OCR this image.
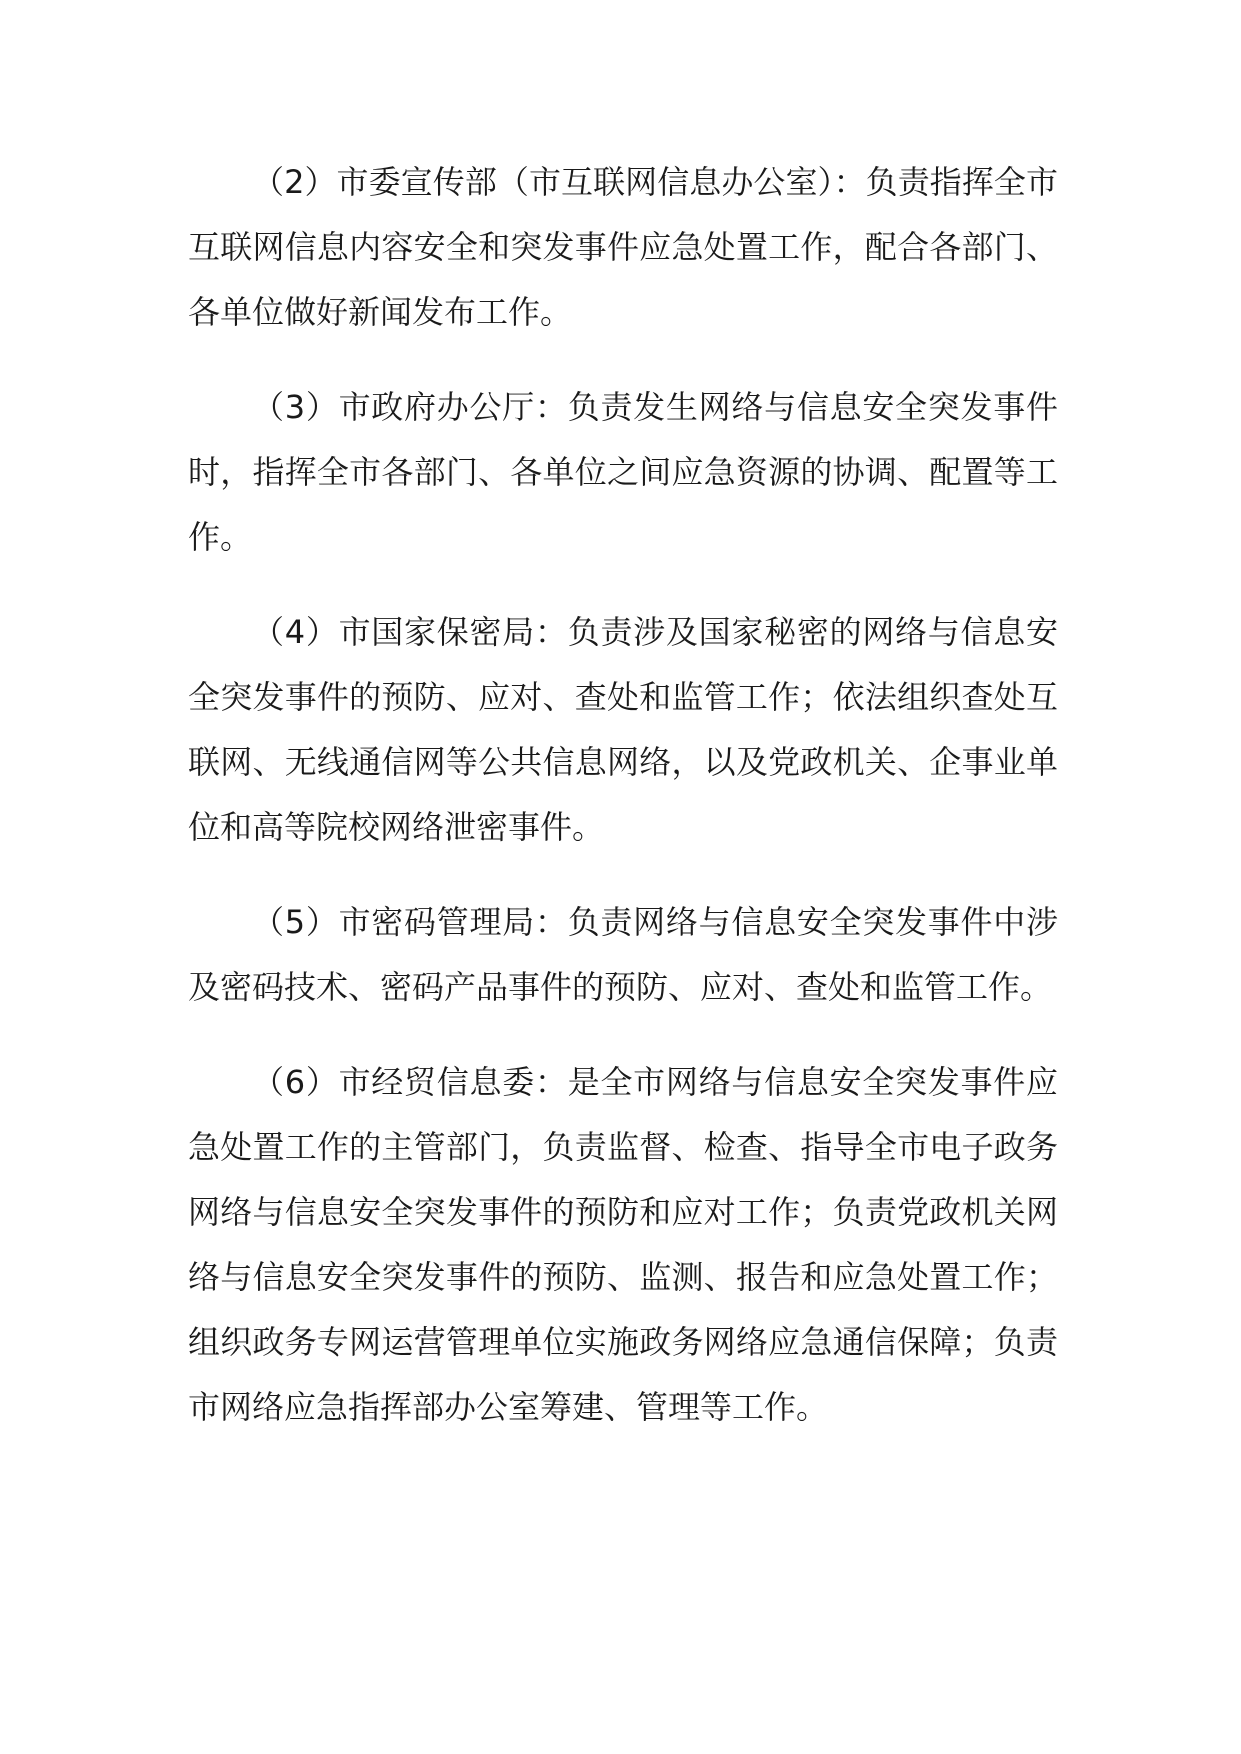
（2）市委宣传部（市互联网信息办公室）：负责指挥全市互联网信息内容安全和突发事件应急处置工作，配合各部门、各单位做好新闻发布工作。

（3）市政府办公厅：负责发生网络与信息安全突发事件时，指挥全市各部门、各单位之间应急资源的协调、配置等工作。

（4）市国家保密局：负责涉及国家秘密的网络与信息安全突发事件的预防、应对、查处和监管工作；依法组织查处互联网、无线通信网等公共信息网络，以及党政机关、企事业单位和高等院校网络泄密事件。

（5）市密码管理局：负责网络与信息安全突发事件中涉及密码技术、密码产品事件的预防、应对、查处和监管工作。

（6）市经贸信息委：是全市网络与信息安全突发事件应急处置工作的主管部门，负责监督、检查、指导全市电子政务网络与信息安全突发事件的预防和应对工作；负责党政机关网络与信息安全突发事件的预防、监测、报告和应急处置工作；组织政务专网运营管理单位实施政务网络应急通信保障；负责市网络应急指挥部办公室筹建、管理等工作。
